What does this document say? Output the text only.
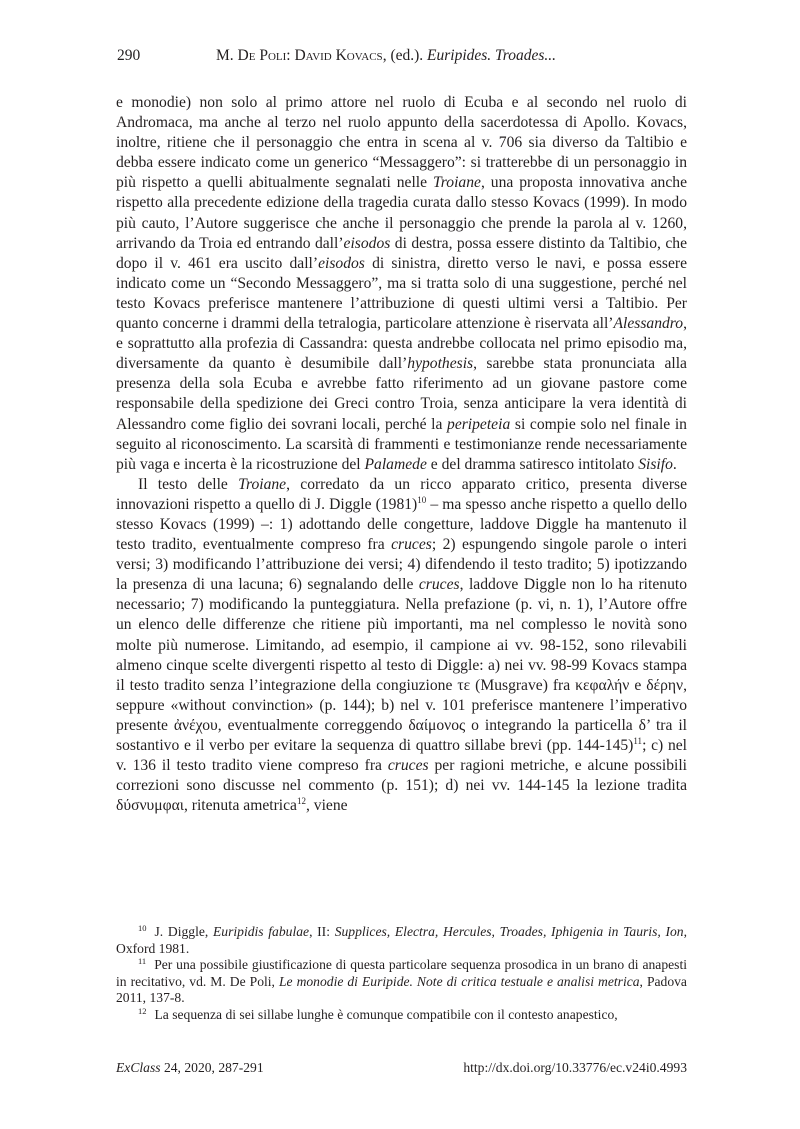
290	M. De Poli: David Kovacs, (ed.). Euripides. Troades...

e monodie) non solo al primo attore nel ruolo di Ecuba e al secondo nel ruolo di Andromaca, ma anche al terzo nel ruolo appunto della sacerdotessa di Apollo. Kovacs, inoltre, ritiene che il personaggio che entra in scena al v. 706 sia diverso da Taltibio e debba essere indicato come un generico “Messaggero”: si tratterebbe di un personaggio in più rispetto a quelli abitualmente segnalati nelle Troiane, una proposta innovativa anche rispetto alla precedente edizione della tragedia curata dallo stesso Kovacs (1999). In modo più cauto, l’Autore suggerisce che anche il personaggio che prende la parola al v. 1260, arrivando da Troia ed entrando dall’eisodos di destra, possa essere distinto da Taltibio, che dopo il v. 461 era uscito dall’eisodos di sinistra, diretto verso le navi, e possa essere indicato come un “Secondo Messaggero”, ma si tratta solo di una suggestione, perché nel testo Kovacs preferisce mantenere l’attribuzione di questi ultimi versi a Taltibio. Per quanto concerne i drammi della tetralogia, particolare attenzione è riservata all’Alessandro, e soprattutto alla profezia di Cassandra: questa andrebbe collocata nel primo episodio ma, diversamente da quanto è desumibile dall’hypothesis, sarebbe stata pronunciata alla presenza della sola Ecuba e avrebbe fatto riferimento ad un giovane pastore come responsabile della spedizione dei Greci contro Troia, senza anticipare la vera identità di Alessandro come figlio dei sovrani locali, perché la peripeteia si compie solo nel finale in seguito al riconoscimento. La scarsità di frammenti e testimonianze rende necessariamente più vaga e incerta è la ricostruzione del Palamede e del dramma satiresco intitolato Sisifo.

Il testo delle Troiane, corredato da un ricco apparato critico, presenta diverse innovazioni rispetto a quello di J. Diggle $(1981)^{10}$ – ma spesso anche rispetto a quello dello stesso Kovacs (1999) –: 1) adottando delle congetture, laddove Diggle ha mantenuto il testo tradito, eventualmente compreso fra cruces; 2) espungendo singole parole o interi versi; 3) modificando l’attribuzione dei versi; 4) difendendo il testo tradito; 5) ipotizzando la presenza di una lacuna; 6) segnalando delle cruces, laddove Diggle non lo ha ritenuto necessario; 7) modificando la punteggiatura. Nella prefazione (p. vi, n. 1), l’Autore offre un elenco delle differenze che ritiene più importanti, ma nel complesso le novità sono molte più numerose. Limitando, ad esempio, il campione ai vv. 98-152, sono rilevabili almeno cinque scelte divergenti rispetto al testo di Diggle: a) nei vv. 98-99 Kovacs stampa il testo tradito senza l’integrazione della congiuzione τε (Musgrave) fra κεφαλήν e δέρην, seppure «without convinction» (p. 144); b) nel v. 101 preferisce mantenere l’imperativo presente ἀνέχου, eventualmente correggendo δαίμονος o integrando la particella δ’ tra il sostantivo e il verbo per evitare la sequenza di quattro sillabe brevi (pp. 144-145)$^{11}$; c) nel v. 136 il testo tradito viene compreso fra cruces per ragioni metriche, e alcune possibili correzioni sono discusse nel commento (p. 151); d) nei vv. 144-145 la lezione tradita δύσνυμφαι, ritenuta ametrica$^{12}$, viene

$^{10}$ J. Diggle, Euripidis fabulae, II: Supplices, Electra, Hercules, Troades, Iphigenia in Tauris, Ion, Oxford 1981.

$^{11}$ Per una possibile giustificazione di questa particolare sequenza prosodica in un brano di anapesti in recitativo, vd. M. De Poli, Le monodie di Euripide. Note di critica testuale e analisi metrica, Padova 2011, 137-8.

$^{12}$ La sequenza di sei sillabe lunghe è comunque compatibile con il contesto anapestico,

ExClass 24, 2020, 287-291	http://dx.doi.org/10.33776/ec.v24i0.4993
